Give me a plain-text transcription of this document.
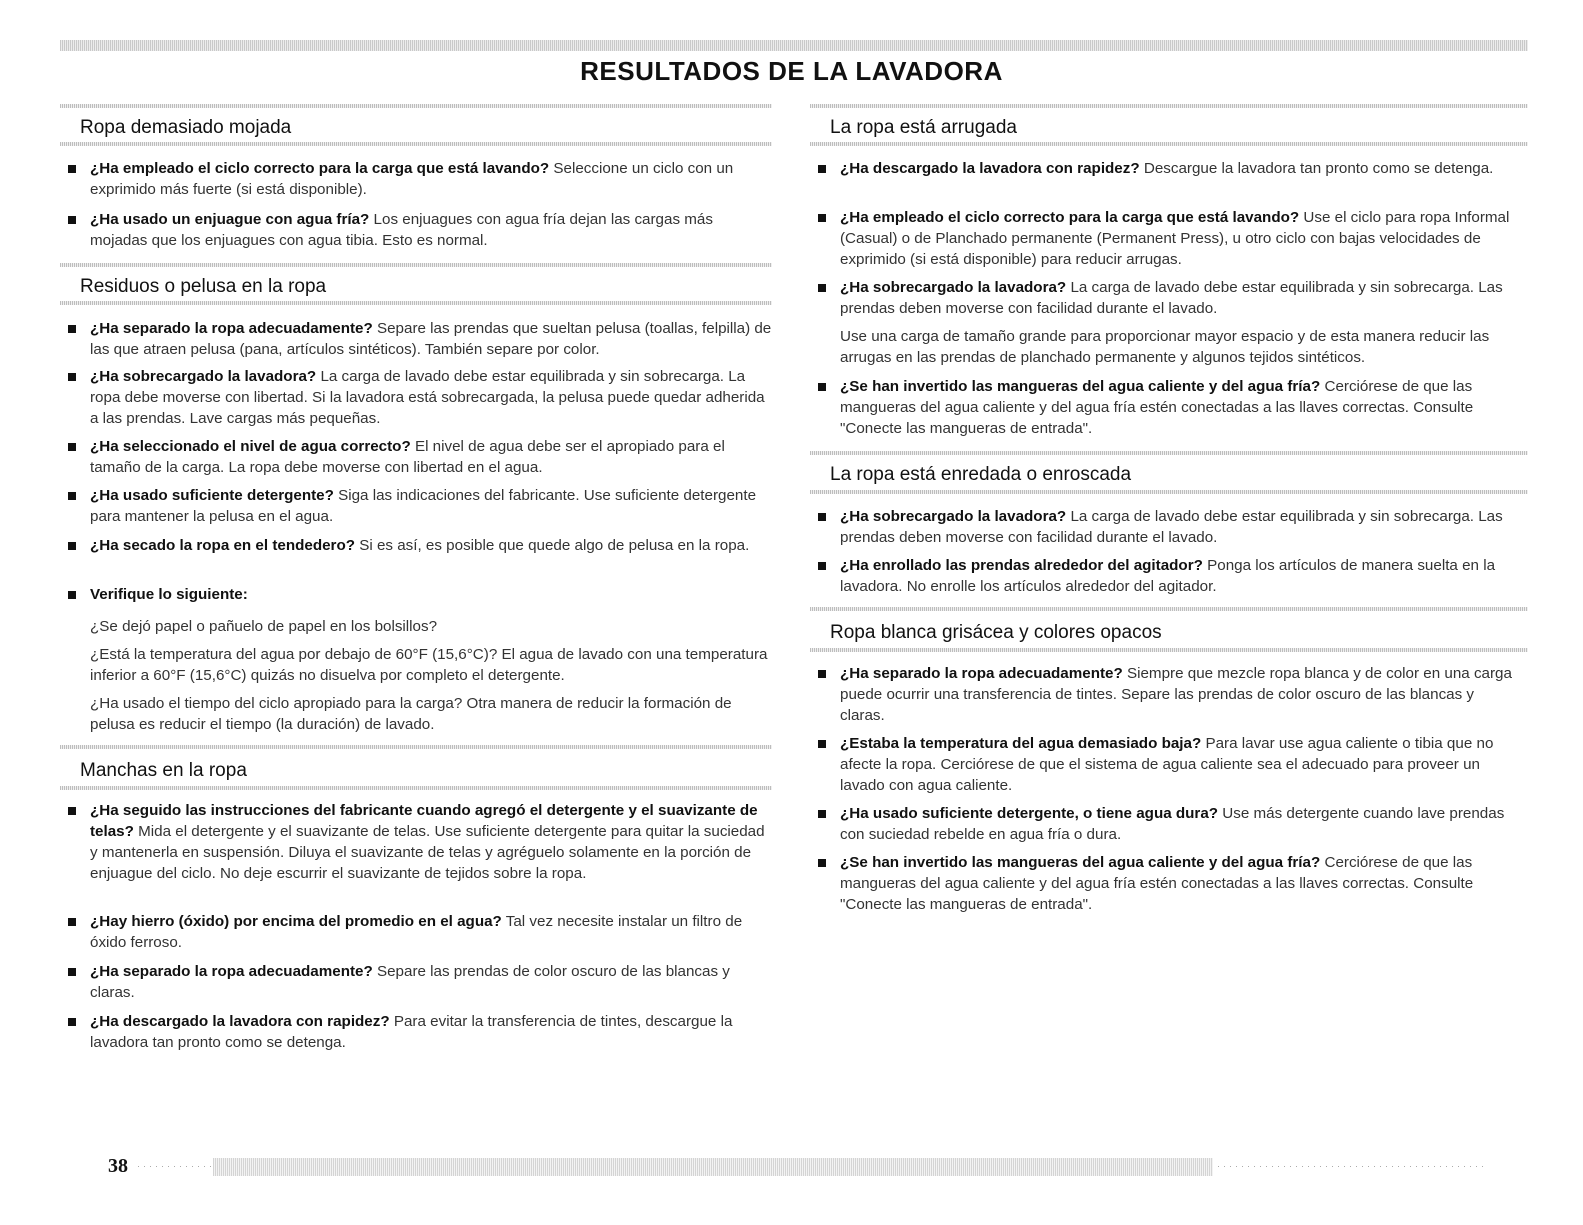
RESULTADOS DE LA LAVADORA
Ropa demasiado mojada
¿Ha empleado el ciclo correcto para la carga que está lavando? Seleccione un ciclo con un exprimido más fuerte (si está disponible).
¿Ha usado un enjuague con agua fría? Los enjuagues con agua fría dejan las cargas más mojadas que los enjuagues con agua tibia. Esto es normal.
Residuos o pelusa en la ropa
¿Ha separado la ropa adecuadamente? Separe las prendas que sueltan pelusa (toallas, felpilla) de las que atraen pelusa (pana, artículos sintéticos). También separe por color.
¿Ha sobrecargado la lavadora? La carga de lavado debe estar equilibrada y sin sobrecarga. La ropa debe moverse con libertad. Si la lavadora está sobrecargada, la pelusa puede quedar adherida a las prendas. Lave cargas más pequeñas.
¿Ha seleccionado el nivel de agua correcto? El nivel de agua debe ser el apropiado para el tamaño de la carga. La ropa debe moverse con libertad en el agua.
¿Ha usado suficiente detergente? Siga las indicaciones del fabricante. Use suficiente detergente para mantener la pelusa en el agua.
¿Ha secado la ropa en el tendedero? Si es así, es posible que quede algo de pelusa en la ropa.
Verifique lo siguiente:
¿Se dejó papel o pañuelo de papel en los bolsillos?
¿Está la temperatura del agua por debajo de 60°F (15,6°C)? El agua de lavado con una temperatura inferior a 60°F (15,6°C) quizás no disuelva por completo el detergente.
¿Ha usado el tiempo del ciclo apropiado para la carga? Otra manera de reducir la formación de pelusa es reducir el tiempo (la duración) de lavado.
Manchas en la ropa
¿Ha seguido las instrucciones del fabricante cuando agregó el detergente y el suavizante de telas? Mida el detergente y el suavizante de telas. Use suficiente detergente para quitar la suciedad y mantenerla en suspensión. Diluya el suavizante de telas y agréguelo solamente en la porción de enjuague del ciclo. No deje escurrir el suavizante de tejidos sobre la ropa.
¿Hay hierro (óxido) por encima del promedio en el agua? Tal vez necesite instalar un filtro de óxido ferroso.
¿Ha separado la ropa adecuadamente? Separe las prendas de color oscuro de las blancas y claras.
¿Ha descargado la lavadora con rapidez? Para evitar la transferencia de tintes, descargue la lavadora tan pronto como se detenga.
La ropa está arrugada
¿Ha descargado la lavadora con rapidez? Descargue la lavadora tan pronto como se detenga.
¿Ha empleado el ciclo correcto para la carga que está lavando? Use el ciclo para ropa Informal (Casual) o de Planchado permanente (Permanent Press), u otro ciclo con bajas velocidades de exprimido (si está disponible) para reducir arrugas.
¿Ha sobrecargado la lavadora? La carga de lavado debe estar equilibrada y sin sobrecarga. Las prendas deben moverse con facilidad durante el lavado.
Use una carga de tamaño grande para proporcionar mayor espacio y de esta manera reducir las arrugas en las prendas de planchado permanente y algunos tejidos sintéticos.
¿Se han invertido las mangueras del agua caliente y del agua fría? Cerciórese de que las mangueras del agua caliente y del agua fría estén conectadas a las llaves correctas. Consulte "Conecte las mangueras de entrada".
La ropa está enredada o enroscada
¿Ha sobrecargado la lavadora? La carga de lavado debe estar equilibrada y sin sobrecarga. Las prendas deben moverse con facilidad durante el lavado.
¿Ha enrollado las prendas alrededor del agitador? Ponga los artículos de manera suelta en la lavadora. No enrolle los artículos alrededor del agitador.
Ropa blanca grisácea y colores opacos
¿Ha separado la ropa adecuadamente? Siempre que mezcle ropa blanca y de color en una carga puede ocurrir una transferencia de tintes. Separe las prendas de color oscuro de las blancas y claras.
¿Estaba la temperatura del agua demasiado baja? Para lavar use agua caliente o tibia que no afecte la ropa. Cerciórese de que el sistema de agua caliente sea el adecuado para proveer un lavado con agua caliente.
¿Ha usado suficiente detergente, o tiene agua dura? Use más detergente cuando lave prendas con suciedad rebelde en agua fría o dura.
¿Se han invertido las mangueras del agua caliente y del agua fría? Cerciórese de que las mangueras del agua caliente y del agua fría estén conectadas a las llaves correctas. Consulte "Conecte las mangueras de entrada".
38
